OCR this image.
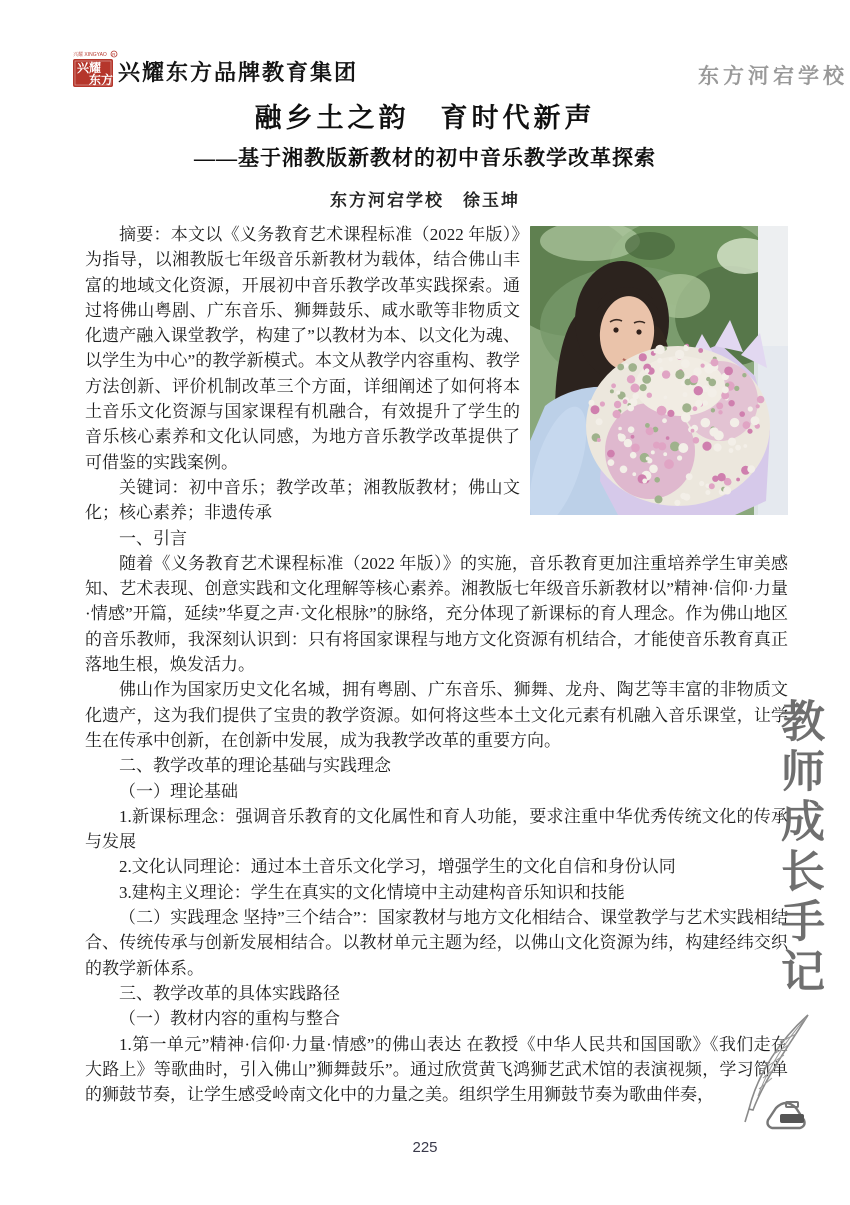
兴耀 XINGYAO R
兴耀
东方 兴耀东方品牌教育集团	东方河宕学校
融乡土之韵　育时代新声
——基于湘教版新教材的初中音乐教学改革探索
东方河宕学校　徐玉坤

摘要：本文以《义务教育艺术课程标准（2022 年版）》为指导，以湘教版七年级音乐新教材为载体，结合佛山丰富的地域文化资源，开展初中音乐教学改革实践探索。通过将佛山粤剧、广东音乐、狮舞鼓乐、咸水歌等非物质文化遗产融入课堂教学，构建了”以教材为本、以文化为魂、以学生为中心”的教学新模式。本文从教学内容重构、教学方法创新、评价机制改革三个方面，详细阐述了如何将本土音乐文化资源与国家课程有机融合，有效提升了学生的音乐核心素养和文化认同感，为地方音乐教学改革提供了可借鉴的实践案例。

关键词：初中音乐；教学改革；湘教版教材；佛山文化；核心素养；非遗传承

一、引言

随着《义务教育艺术课程标准（2022 年版）》的实施，音乐教育更加注重培养学生审美感知、艺术表现、创意实践和文化理解等核心素养。湘教版七年级音乐新教材以”精神·信仰·力量·情感”开篇，延续”华夏之声·文化根脉”的脉络，充分体现了新课标的育人理念。作为佛山地区的音乐教师，我深刻认识到：只有将国家课程与地方文化资源有机结合，才能使音乐教育真正落地生根，焕发活力。

佛山作为国家历史文化名城，拥有粤剧、广东音乐、狮舞、龙舟、陶艺等丰富的非物质文化遗产，这为我们提供了宝贵的教学资源。如何将这些本土文化元素有机融入音乐课堂，让学生在传承中创新，在创新中发展，成为我教学改革的重要方向。

二、教学改革的理论基础与实践理念

（一）理论基础

1.新课标理念：强调音乐教育的文化属性和育人功能，要求注重中华优秀传统文化的传承与发展

2.文化认同理论：通过本土音乐文化学习，增强学生的文化自信和身份认同

3.建构主义理论：学生在真实的文化情境中主动建构音乐知识和技能

（二）实践理念 坚持”三个结合”：国家教材与地方文化相结合、课堂教学与艺术实践相结合、传统传承与创新发展相结合。以教材单元主题为经，以佛山文化资源为纬，构建经纬交织的教学新体系。

三、教学改革的具体实践路径

（一）教材内容的重构与整合

1.第一单元”精神·信仰·力量·情感”的佛山表达 在教授《中华人民共和国国歌》《我们走在大路上》等歌曲时，引入佛山”狮舞鼓乐”。通过欣赏黄飞鸿狮艺武术馆的表演视频，学习简单的狮鼓节奏，让学生感受岭南文化中的力量之美。组织学生用狮鼓节奏为歌曲伴奏，

教师成长手记
225
